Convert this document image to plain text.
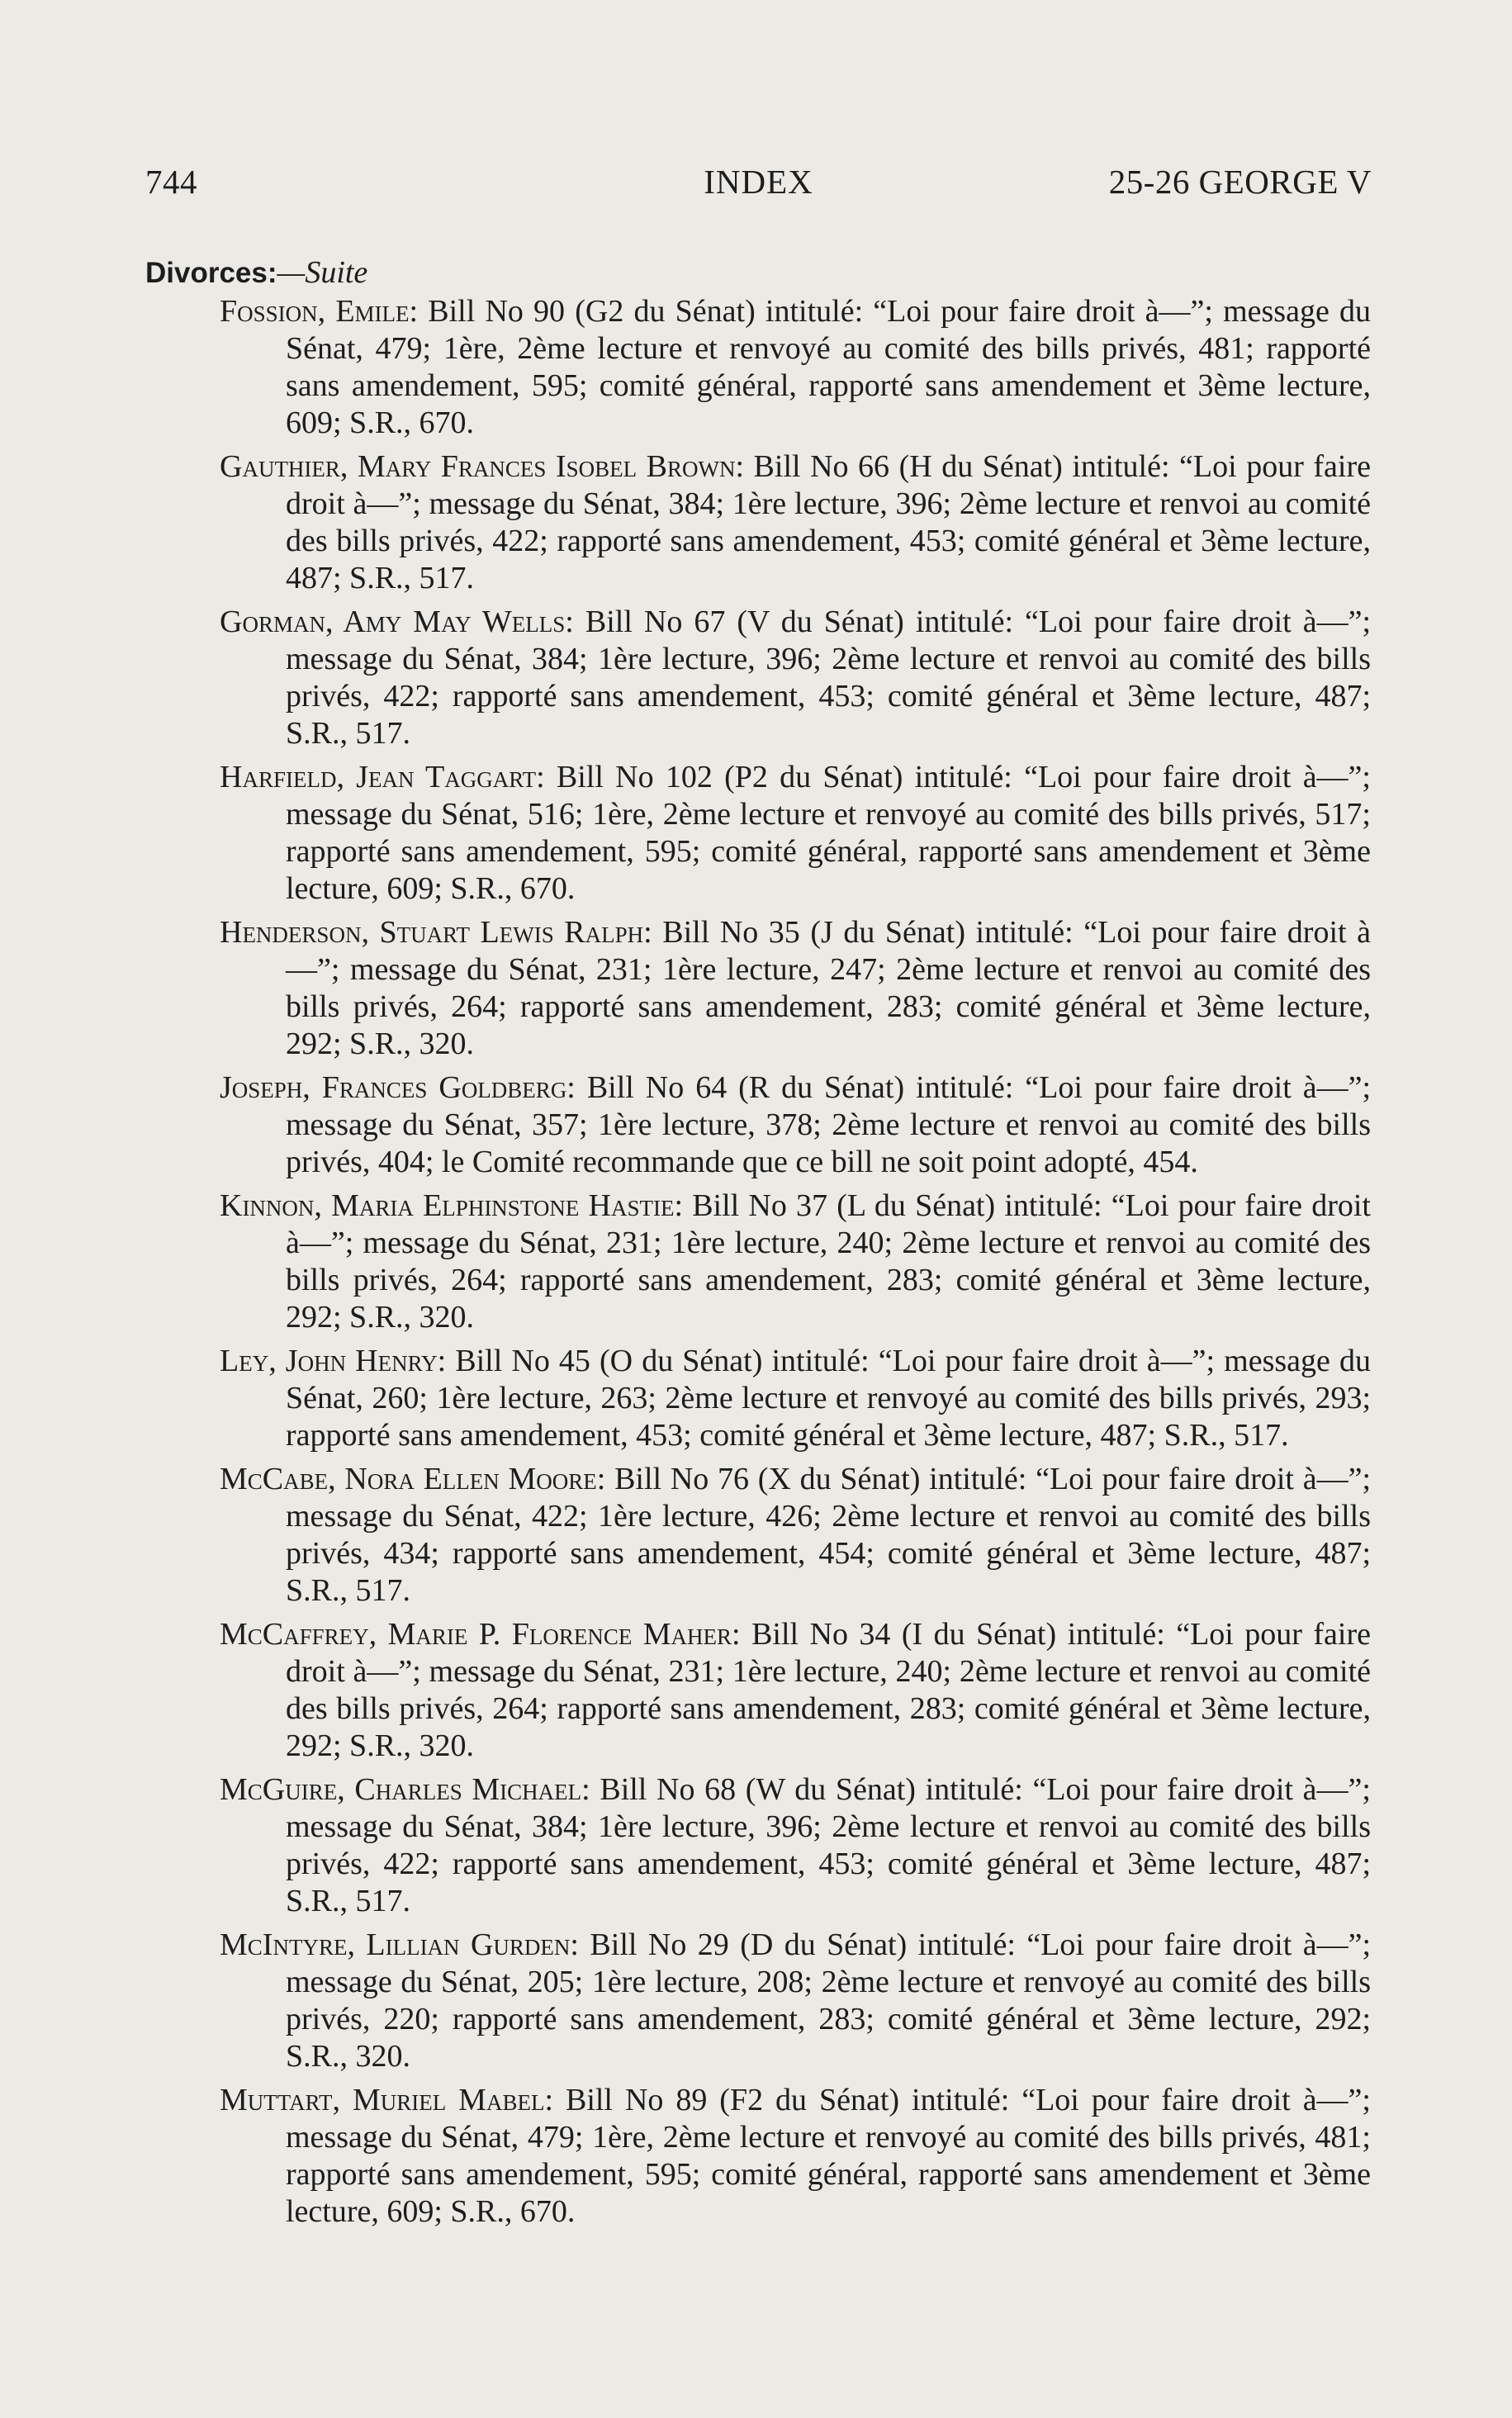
744	INDEX	25-26 GEORGE V
Divorces:—Suite

Fossion, Emile: Bill No 90 (G2 du Sénat) intitulé: “Loi pour faire droit à—”; message du Sénat, 479; 1ère, 2ème lecture et renvoyé au comité des bills privés, 481; rapporté sans amendement, 595; comité général, rapporté sans amendement et 3ème lecture, 609; S.R., 670.

Gauthier, Mary Frances Isobel Brown: Bill No 66 (H du Sénat) intitulé: “Loi pour faire droit à—”; message du Sénat, 384; 1ère lecture, 396; 2ème lecture et renvoi au comité des bills privés, 422; rapporté sans amendement, 453; comité général et 3ème lecture, 487; S.R., 517.

Gorman, Amy May Wells: Bill No 67 (V du Sénat) intitulé: “Loi pour faire droit à—”; message du Sénat, 384; 1ère lecture, 396; 2ème lecture et renvoi au comité des bills privés, 422; rapporté sans amendement, 453; comité général et 3ème lecture, 487; S.R., 517.

Harfield, Jean Taggart: Bill No 102 (P2 du Sénat) intitulé: “Loi pour faire droit à—”; message du Sénat, 516; 1ère, 2ème lecture et renvoyé au comité des bills privés, 517; rapporté sans amendement, 595; comité général, rapporté sans amendement et 3ème lecture, 609; S.R., 670.

Henderson, Stuart Lewis Ralph: Bill No 35 (J du Sénat) intitulé: “Loi pour faire droit à—”; message du Sénat, 231; 1ère lecture, 247; 2ème lecture et renvoi au comité des bills privés, 264; rapporté sans amendement, 283; comité général et 3ème lecture, 292; S.R., 320.

Joseph, Frances Goldberg: Bill No 64 (R du Sénat) intitulé: “Loi pour faire droit à—”; message du Sénat, 357; 1ère lecture, 378; 2ème lecture et renvoi au comité des bills privés, 404; le Comité recommande que ce bill ne soit point adopté, 454.

Kinnon, Maria Elphinstone Hastie: Bill No 37 (L du Sénat) intitulé: “Loi pour faire droit à—”; message du Sénat, 231; 1ère lecture, 240; 2ème lecture et renvoi au comité des bills privés, 264; rapporté sans amendement, 283; comité général et 3ème lecture, 292; S.R., 320.

Ley, John Henry: Bill No 45 (O du Sénat) intitulé: “Loi pour faire droit à—”; message du Sénat, 260; 1ère lecture, 263; 2ème lecture et renvoyé au comité des bills privés, 293; rapporté sans amendement, 453; comité général et 3ème lecture, 487; S.R., 517.

McCabe, Nora Ellen Moore: Bill No 76 (X du Sénat) intitulé: “Loi pour faire droit à—”; message du Sénat, 422; 1ère lecture, 426; 2ème lecture et renvoi au comité des bills privés, 434; rapporté sans amendement, 454; comité général et 3ème lecture, 487; S.R., 517.

McCaffrey, Marie P. Florence Maher: Bill No 34 (I du Sénat) intitulé: “Loi pour faire droit à—”; message du Sénat, 231; 1ère lecture, 240; 2ème lecture et renvoi au comité des bills privés, 264; rapporté sans amendement, 283; comité général et 3ème lecture, 292; S.R., 320.

McGuire, Charles Michael: Bill No 68 (W du Sénat) intitulé: “Loi pour faire droit à—”; message du Sénat, 384; 1ère lecture, 396; 2ème lecture et renvoi au comité des bills privés, 422; rapporté sans amendement, 453; comité général et 3ème lecture, 487; S.R., 517.

McIntyre, Lillian Gurden: Bill No 29 (D du Sénat) intitulé: “Loi pour faire droit à—”; message du Sénat, 205; 1ère lecture, 208; 2ème lecture et renvoyé au comité des bills privés, 220; rapporté sans amendement, 283; comité général et 3ème lecture, 292; S.R., 320.

Muttart, Muriel Mabel: Bill No 89 (F2 du Sénat) intitulé: “Loi pour faire droit à—”; message du Sénat, 479; 1ère, 2ème lecture et renvoyé au comité des bills privés, 481; rapporté sans amendement, 595; comité général, rapporté sans amendement et 3ème lecture, 609; S.R., 670.
